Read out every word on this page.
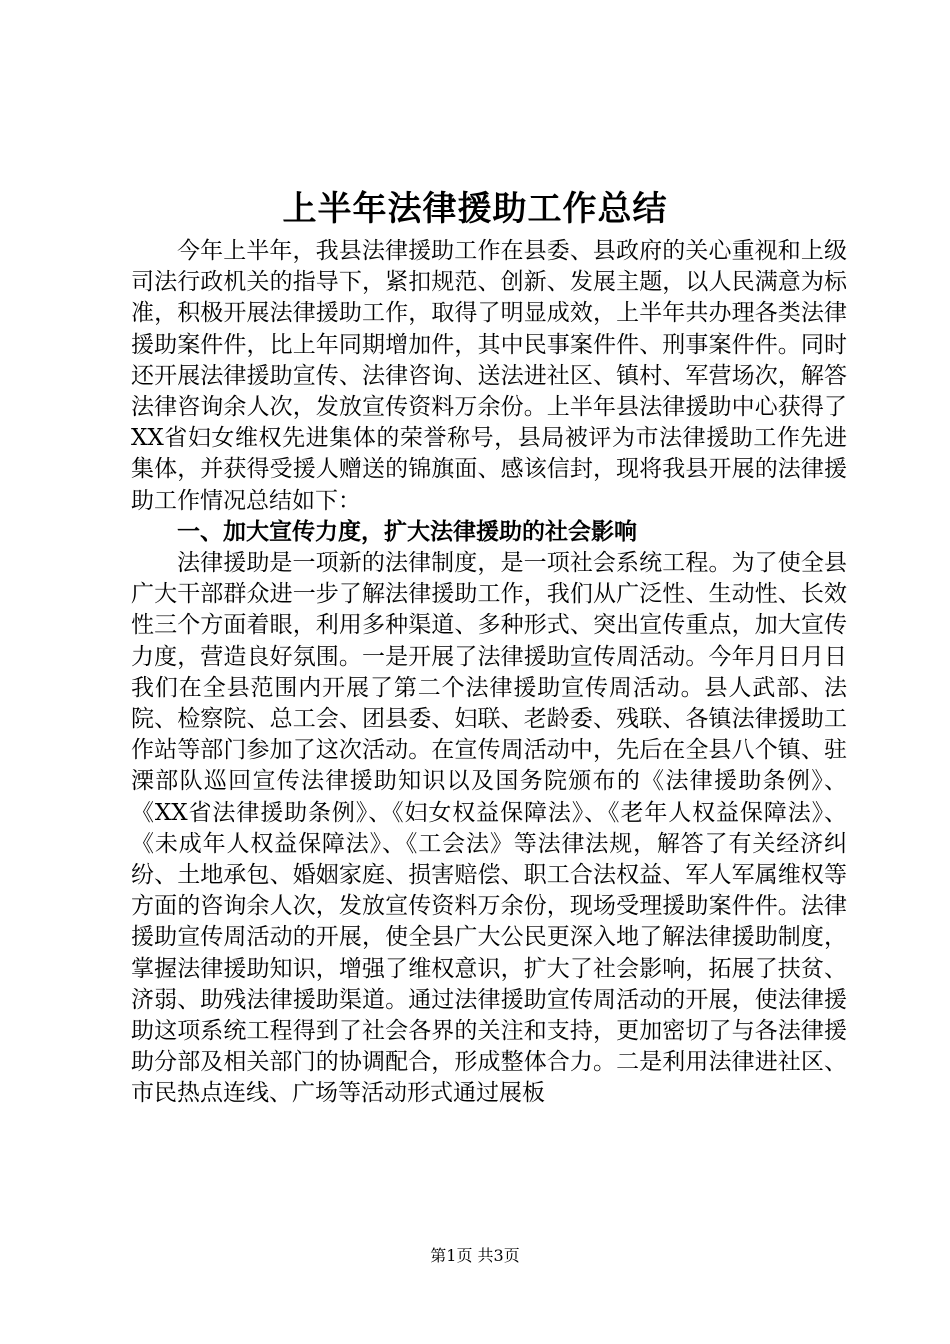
上半年法律援助工作总结

今年上半年，我县法律援助工作在县委、县政府的关心重视和上级司法行政机关的指导下，紧扣规范、创新、发展主题，以人民满意为标准，积极开展法律援助工作，取得了明显成效，上半年共办理各类法律援助案件件，比上年同期增加件，其中民事案件件、刑事案件件。同时还开展法律援助宣传、法律咨询、送法进社区、镇村、军营场次，解答法律咨询余人次，发放宣传资料万余份。上半年县法律援助中心获得了XX省妇女维权先进集体的荣誉称号，县局被评为市法律援助工作先进集体，并获得受援人赠送的锦旗面、感该信封，现将我县开展的法律援助工作情况总结如下：

一、加大宣传力度，扩大法律援助的社会影响

法律援助是一项新的法律制度，是一项社会系统工程。为了使全县广大干部群众进一步了解法律援助工作，我们从广泛性、生动性、长效性三个方面着眼，利用多种渠道、多种形式、突出宣传重点，加大宣传力度，营造良好氛围。一是开展了法律援助宣传周活动。今年月日月日我们在全县范围内开展了第二个法律援助宣传周活动。县人武部、法院、检察院、总工会、团县委、妇联、老龄委、残联、各镇法律援助工作站等部门参加了这次活动。在宣传周活动中，先后在全县八个镇、驻溧部队巡回宣传法律援助知识以及国务院颁布的《法律援助条例》、《XX省法律援助条例》、《妇女权益保障法》、《老年人权益保障法》、《未成年人权益保障法》、《工会法》等法律法规，解答了有关经济纠纷、土地承包、婚姻家庭、损害赔偿、职工合法权益、军人军属维权等方面的咨询余人次，发放宣传资料万余份，现场受理援助案件件。法律援助宣传周活动的开展，使全县广大公民更深入地了解法律援助制度，掌握法律援助知识，增强了维权意识，扩大了社会影响，拓展了扶贫、济弱、助残法律援助渠道。通过法律援助宣传周活动的开展，使法律援助这项系统工程得到了社会各界的关注和支持，更加密切了与各法律援助分部及相关部门的协调配合，形成整体合力。二是利用法律进社区、市民热点连线、广场等活动形式通过展板

第1页 共3页
